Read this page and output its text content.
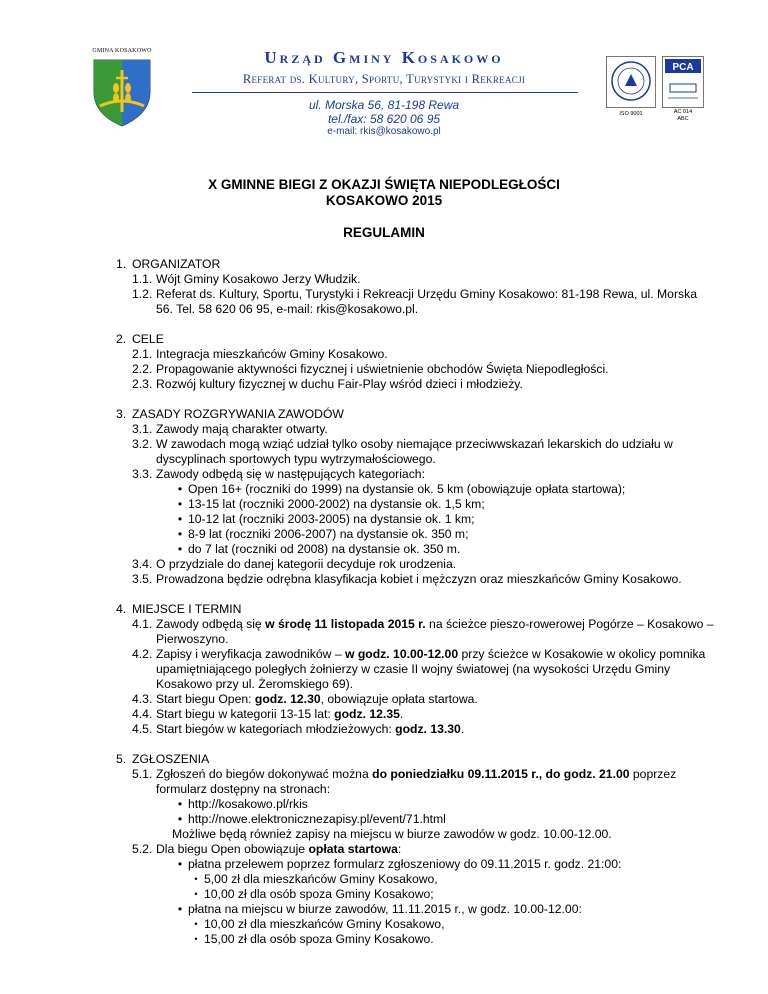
GMINA KOSAKOWO	Urząd Gminy Kosakowo
Referat ds. Kultury, Sportu, Turystyki i Rekreacji
ul. Morska 56, 81-198 Rewa
tel./fax: 58 620 06 95
e-mail: rkis@kosakowo.pl
ISO 9001
PCA
AC 014
ABC
X GMINNE BIEGI Z OKAZJI ŚWIĘTA NIEPODLEGŁOŚCI
KOSAKOWO 2015
REGULAMIN
1. ORGANIZATOR
1.1. Wójt Gminy Kosakowo Jerzy Włudzik.
1.2. Referat ds. Kultury, Sportu, Turystyki i Rekreacji Urzędu Gminy Kosakowo: 81-198 Rewa, ul. Morska 56. Tel. 58 620 06 95, e-mail: rkis@kosakowo.pl.
2. CELE
2.1. Integracja mieszkańców Gminy Kosakowo.
2.2. Propagowanie aktywności fizycznej i uświetnienie obchodów Święta Niepodległości.
2.3. Rozwój kultury fizycznej w duchu Fair-Play wśród dzieci i młodzieży.
3. ZASADY ROZGRYWANIA ZAWODÓW
3.1. Zawody mają charakter otwarty.
3.2. W zawodach mogą wziąć udział tylko osoby niemające przeciwwskazań lekarskich do udziału w dyscyplinach sportowych typu wytrzymałościowego.
3.3. Zawody odbędą się w następujących kategoriach:
• Open 16+ (roczniki do 1999) na dystansie ok. 5 km (obowiązuje opłata startowa);
• 13-15 lat (roczniki 2000-2002) na dystansie ok. 1,5 km;
• 10-12 lat (roczniki 2003-2005) na dystansie ok. 1 km;
• 8-9 lat (roczniki 2006-2007) na dystansie ok. 350 m;
• do 7 lat (roczniki od 2008) na dystansie ok. 350 m.
3.4. O przydziale do danej kategorii decyduje rok urodzenia.
3.5. Prowadzona będzie odrębna klasyfikacja kobiet i mężczyzn oraz mieszkańców Gminy Kosakowo.
4. MIEJSCE I TERMIN
4.1. Zawody odbędą się w środę 11 listopada 2015 r. na ścieżce pieszo-rowerowej Pogórze – Kosakowo – Pierwoszyno.
4.2. Zapisy i weryfikacja zawodników – w godz. 10.00-12.00 przy ścieżce w Kosakowie w okolicy pomnika upamiętniającego poległych żołnierzy w czasie II wojny światowej (na wysokości Urzędu Gminy Kosakowo przy ul. Żeromskiego 69).
4.3. Start biegu Open: godz. 12.30, obowiązuje opłata startowa.
4.4. Start biegu w kategorii 13-15 lat: godz. 12.35.
4.5. Start biegów w kategoriach młodzieżowych: godz. 13.30.
5. ZGŁOSZENIA
5.1. Zgłoszeń do biegów dokonywać można do poniedziałku 09.11.2015 r., do godz. 21.00 poprzez formularz dostępny na stronach:
• http://kosakowo.pl/rkis
• http://nowe.elektronicznezapisy.pl/event/71.html
Możliwe będą również zapisy na miejscu w biurze zawodów w godz. 10.00-12.00.
5.2. Dla biegu Open obowiązuje opłata startowa:
• płatna przelewem poprzez formularz zgłoszeniowy do 09.11.2015 r. godz. 21:00:
• 5,00 zł dla mieszkańców Gminy Kosakowo,
• 10,00 zł dla osób spoza Gminy Kosakowo;
• płatna na miejscu w biurze zawodów, 11.11.2015 r., w godz. 10.00-12.00:
• 10,00 zł dla mieszkańców Gminy Kosakowo,
• 15,00 zł dla osób spoza Gminy Kosakowo.
